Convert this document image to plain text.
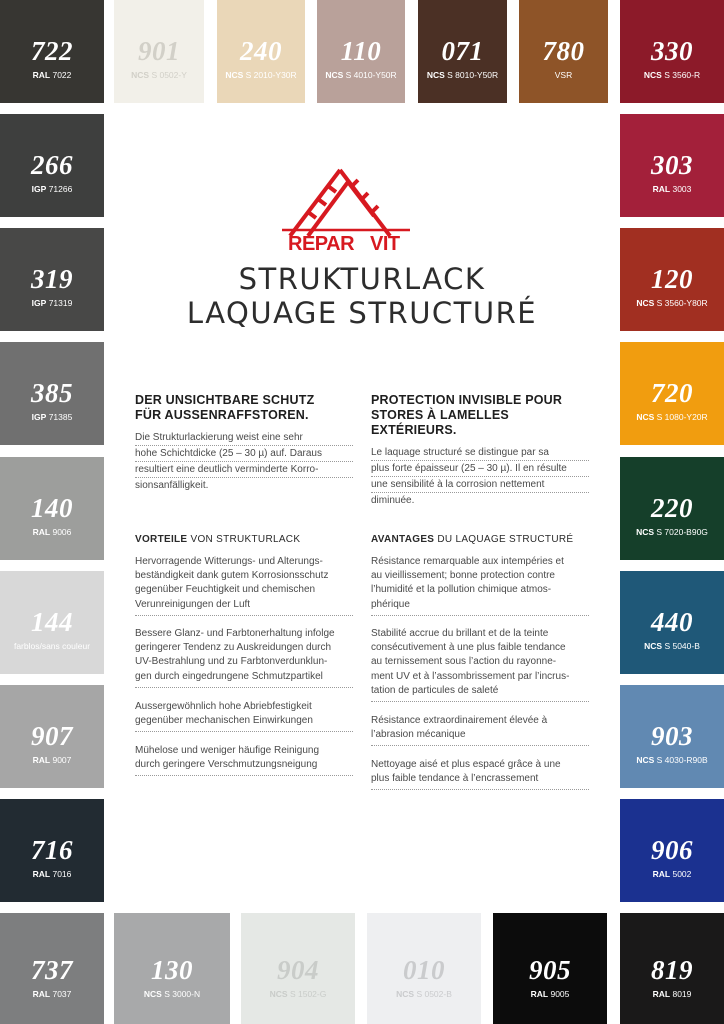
722
RAL 7022
901
NCS S 0502-Y
240
NCS S 2010-Y30R
110
NCS S 4010-Y50R
071
NCS S 8010-Y50R
780
VSR
330
NCS S 3560-R
266
IGP 71266
303
RAL 3003
319
IGP 71319
120
NCS S 3560-Y80R
385
IGP 71385
720
NCS S 1080-Y20R
140
RAL 9006
220
NCS S 7020-B90G
144
farblos/sans couleur
440
NCS S 5040-B
907
RAL 9007
903
NCS S 4030-R90B
716
RAL 7016
906
RAL 5002
737
RAL 7037
130
NCS S 3000-N
904
NCS S 1502-G
010
NCS S 0502-B
905
RAL 9005
819
RAL 8019
REPAR VIT
STRUKTURLACK
LAQUAGE STRUCTURÉ
DER UNSICHTBARE SCHUTZ
FÜR AUSSENRAFFSTOREN.
Die Strukturlackierung weist eine sehr
hohe Schichtdicke (25 – 30 µ) auf. Daraus
resultiert eine deutlich verminderte Korro-
sionsanfälligkeit.
VORTEILE VON STRUKTURLACK
Hervorragende Witterungs- und Alterungs-
beständigkeit dank gutem Korrosionsschutz
gegenüber Feuchtigkeit und chemischen
Verunreinigungen der Luft
Bessere Glanz- und Farbtonerhaltung infolge
geringerer Tendenz zu Auskreidungen durch
UV-Bestrahlung und zu Farbtonverdunklun-
gen durch eingedrungene Schmutzpartikel
Aussergewöhnlich hohe Abriebfestigkeit
gegenüber mechanischen Einwirkungen
Mühelose und weniger häufige Reinigung
durch geringere Verschmutzungsneigung
PROTECTION INVISIBLE POUR
STORES À LAMELLES EXTÉRIEURS.
Le laquage structuré se distingue par sa
plus forte épaisseur (25 – 30 µ). Il en résulte
une sensibilité à la corrosion nettement
diminuée.
AVANTAGES DU LAQUAGE STRUCTURÉ
Résistance remarquable aux intempéries et
au vieillissement; bonne protection contre
l’humidité et la pollution chimique atmos-
phérique
Stabilité accrue du brillant et de la teinte
consécutivement à une plus faible tendance
au ternissement sous l’action du rayonne-
ment UV et à l’assombrissement par l’incrus-
tation de particules de saleté
Résistance extraordinairement élevée à
l’abrasion mécanique
Nettoyage aisé et plus espacé grâce à une
plus faible tendance à l’encrassement
